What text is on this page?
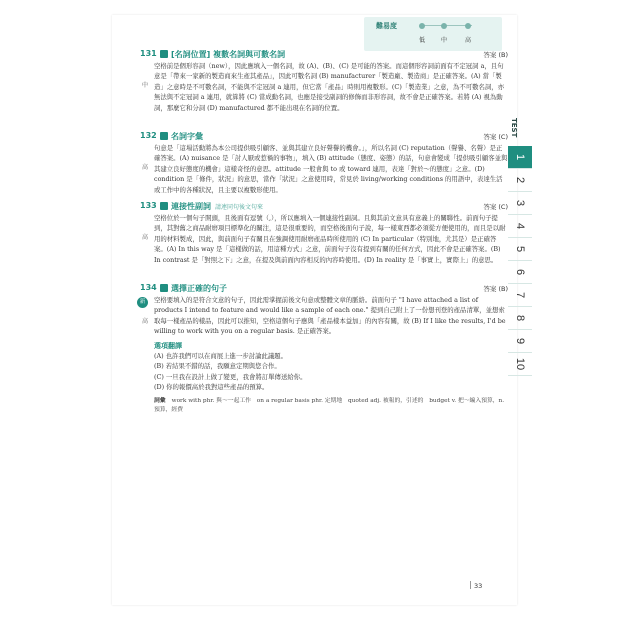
難易度
低	中	高
131 [名詞位置] 複數名詞與可數名詞	答案 (B)
中

空格前是個形容詞（new），因此應填入一個名詞，故 (A)、(B)、(C) 是可能的答案。而這個形容詞前面有不定冠詞 a，且句意是「帶來一家新的製造商來生產其產品」，因此可數名詞 (B) manufacturer「製造廠、製造商」是正確答案。(A) 當「製造」之意時是不可數名詞，不能與不定冠詞 a 連用，但它當「產品」時則用複數形。(C)「製造業」之意，為不可數名詞，亦無法與不定冠詞 a 連用，就算將 (C) 當成動名詞，也應是接受副詞的修飾而非形容詞，故不會是正確答案。若將 (A) 視為動詞，那麼它和分詞 (D) manufactured 都不能出現在名詞的位置。

132 名詞字彙	答案 (C)
高

句意是「這場活動將為本公司提供吸引顧客、並與其建立良好聲譽的機會。」，所以名詞 (C) reputation（聲譽、名聲）是正確答案。(A) nuisance 是「討人厭或惹禍的事物」，填入 (B) attitude（態度、姿態）的話，句意會變成「提供吸引顧客並與其建立良好態度的機會」這樣奇怪的意思。attitude 一般會與 to 或 toward 連用，表達「對於～的態度」之意。(D) condition 是「條件，狀況」的意思，當作「狀況」之意使用時，常見於 living/working conditions 的用語中，表達生活或工作中的各種狀況，且主要以複數形使用。

133 連接性副詞 請連同句後文句來	答案 (C)
高

空格位於一個句子開頭，且後面有逗號（,），所以應填入一個連接性副詞。且與其前文意具有意義上的關聯性。前面句子提到，其對舊之商品耐磨項目標準化的關注，這是很重要的，而空格後面句子說，每一樣東西都必須從方便使用的，而且是以耐用的材料製成，因此，與前面句子有關且在強調使用耐磨產品時所使用的 (C) In particular（特別地，尤其是）是正確答案。(A) In this way 是「這樣做的話，用這種方式」之意，前面句子沒有提到有關的任何方式，因此不會是正確答案。(B) In contrast 是「對照之下」之意，在提及與前面內容相反的內容時使用。(D) In reality 是「事實上，實際上」的意思。

134 選擇正確的句子	答案 (B)
新
高

空格要填入的是符合文意的句子，因此需掌握前後文句意或整體文章的脈絡。前面句子 "I have attached a list of products I intend to feature and would like a sample of each one." 提到自己附上了一份想刊登的產品清單，並想索取每一樣產品的樣品，因此可以推知，空格這個句子應與「產品樣本益加」的內容有關，故 (B) If I like the results, I'd be willing to work with you on a regular basis. 是正確答案。

選項翻譯
(A) 也許我們可以在商展上進一步討論此議題。
(B) 若結果不錯的話，我願意定期與您合作。
(C) 一旦我在設計上做了變更，我會將訂單傳送給你。
(D) 你的報價高於我對這些產品的預算。
詞彙 work with phr. 與～一起工作　on a regular basis phr. 定期地　quoted adj. 被報的，引述的　budget v. 把～編入預算，n. 預算，經費
TEST
1
2
3
4
5
6
7
8
9
10
33
